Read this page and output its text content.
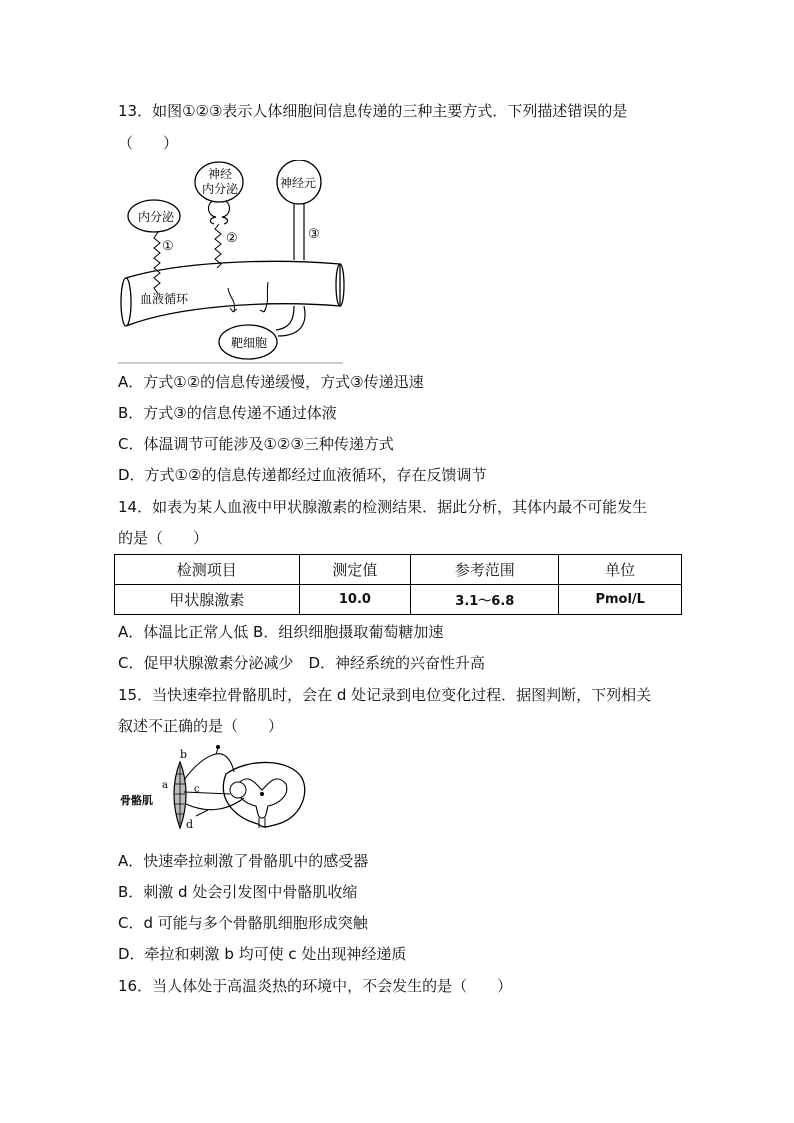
13．如图①②③表示人体细胞间信息传递的三种主要方式．下列描述错误的是
（　　）
内分泌
神经
内分泌	神经元
①
②	③
血液循环
靶细胞
A．方式①②的信息传递缓慢，方式③传递迅速
B．方式③的信息传递不通过体液
C．体温调节可能涉及①②③三种传递方式
D．方式①②的信息传递都经过血液循环，存在反馈调节
14．如表为某人血液中甲状腺激素的检测结果．据此分析，其体内最不可能发生
的是（　　）
检测项目	测定值	参考范围	单位
甲状腺激素	10.0	3.1～6.8	Pmol/L
A．体温比正常人低 B．组织细胞摄取葡萄糖加速
C．促甲状腺激素分泌减少　D．神经系统的兴奋性升高
15．当快速牵拉骨骼肌时，会在 d 处记录到电位变化过程．据图判断，下列相关
叙述不正确的是（　　）
b
a	c
d
骨骼肌
A．快速牵拉刺激了骨骼肌中的感受器
B．刺激 d 处会引发图中骨骼肌收缩
C．d 可能与多个骨骼肌细胞形成突触
D．牵拉和刺激 b 均可使 c 处出现神经递质
16．当人体处于高温炎热的环境中，不会发生的是（　　）
